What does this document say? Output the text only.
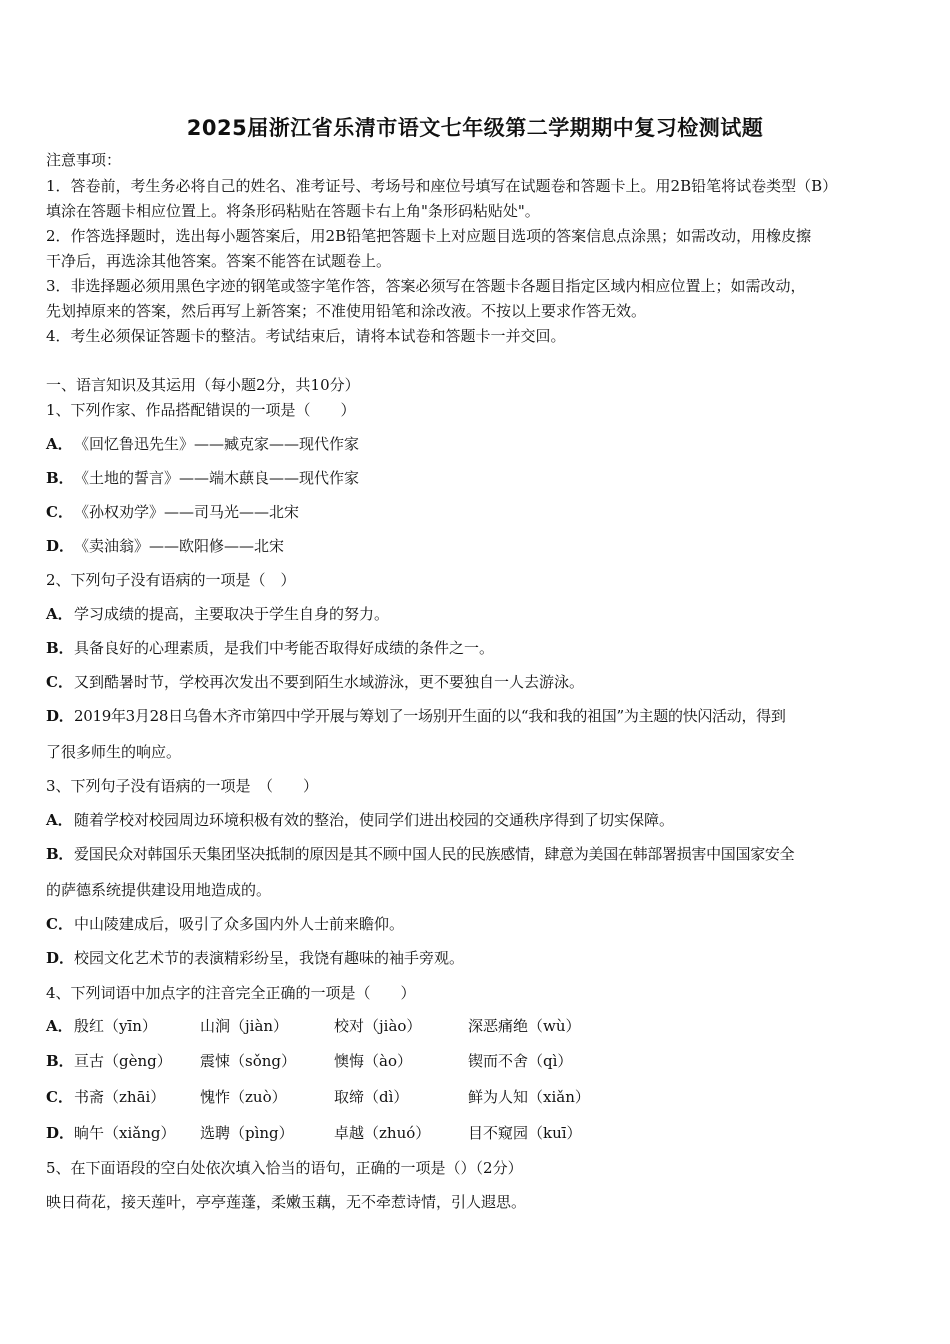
2025届浙江省乐清市语文七年级第二学期期中复习检测试题
注意事项：
1．答卷前，考生务必将自己的姓名、准考证号、考场号和座位号填写在试题卷和答题卡上。用2B铅笔将试卷类型（B）
填涂在答题卡相应位置上。将条形码粘贴在答题卡右上角"条形码粘贴处"。
2．作答选择题时，选出每小题答案后，用2B铅笔把答题卡上对应题目选项的答案信息点涂黑；如需改动，用橡皮擦
干净后，再选涂其他答案。答案不能答在试题卷上。
3．非选择题必须用黑色字迹的钢笔或签字笔作答，答案必须写在答题卡各题目指定区域内相应位置上；如需改动，
先划掉原来的答案，然后再写上新答案；不准使用铅笔和涂改液。不按以上要求作答无效。
4．考生必须保证答题卡的整洁。考试结束后，请将本试卷和答题卡一并交回。
一、语言知识及其运用（每小题2分，共10分）
1、下列作家、作品搭配错误的一项是（　　）
A．《回忆鲁迅先生》——臧克家——现代作家
B．《土地的誓言》——端木蕻良——现代作家
C．《孙权劝学》——司马光——北宋
D．《卖油翁》——欧阳修——北宋
2、下列句子没有语病的一项是（　）
A．学习成绩的提高，主要取决于学生自身的努力。
B．具备良好的心理素质，是我们中考能否取得好成绩的条件之一。
C．又到酷暑时节，学校再次发出不要到陌生水域游泳，更不要独自一人去游泳。
D．2019年3月28日乌鲁木齐市第四中学开展与筹划了一场别开生面的以“我和我的祖国”为主题的快闪活动，得到
了很多师生的响应。
3、下列句子没有语病的一项是　（　　）
A．随着学校对校园周边环境积极有效的整治，使同学们进出校园的交通秩序得到了切实保障。
B．爱国民众对韩国乐天集团坚决抵制的原因是其不顾中国人民的民族感情，肆意为美国在韩部署损害中国国家安全
的萨德系统提供建设用地造成的。
C．中山陵建成后，吸引了众多国内外人士前来瞻仰。
D．校园文化艺术节的表演精彩纷呈，我饶有趣味的袖手旁观。
4、下列词语中加点字的注音完全正确的一项是（　　）
A． 殷红（yīn）	山涧（jiàn）	校对（jiào）	深恶痛绝（wù）
B． 亘古（gèng） 震悚（sǒng）	懊悔（ào）	锲而不舍（qì）
C． 书斋（zhāi） 愧怍（zuò）	取缔（dì）	鲜为人知（xiǎn）
D． 晌午（xiǎng） 选聘（pìng）	卓越（zhuó）	目不窥园（kuī）
5、在下面语段的空白处依次填入恰当的语句，正确的一项是（）（2分）
映日荷花，接天莲叶，亭亭莲蓬，柔嫩玉藕，无不牵惹诗情，引人遐思。
